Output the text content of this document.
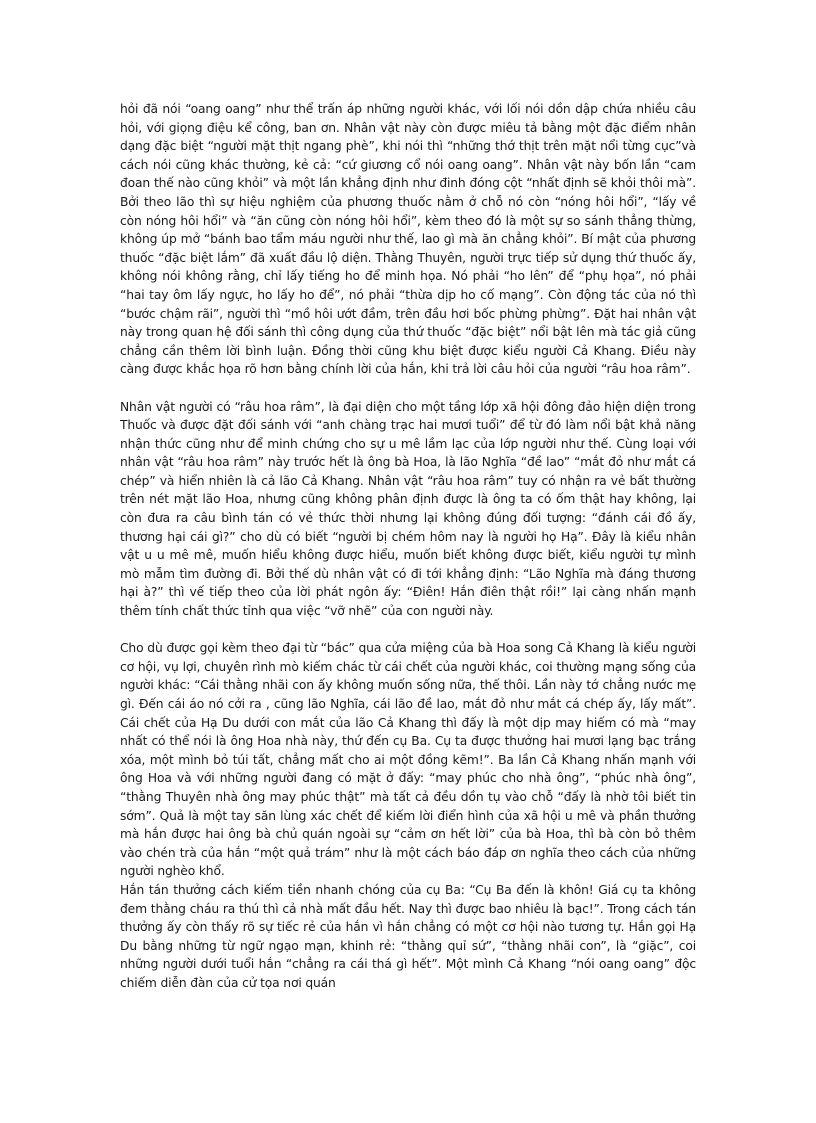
hỏi đã nói “oang oang” như thể trấn áp những người khác, với lối nói dồn dập chứa nhiều câu hỏi, với giọng điệu kể công, ban ơn. Nhân vật này còn được miêu tả bằng một đặc điểm nhân dạng đặc biệt “người mặt thịt ngang phè”, khi nói thì “những thớ thịt trên mặt nổi từng cục”và cách nói cũng khác thường, kẻ cả: “cứ giương cổ nói oang oang”. Nhân vật này bốn lần “cam đoan thế nào cũng khỏi” và một lần khẳng định như đinh đóng cột “nhất định sẽ khỏi thôi mà”. Bởi theo lão thì sự hiệu nghiệm của phương thuốc nằm ở chỗ nó còn “nóng hôi hổi”, “lấy về còn nóng hôi hổi” và “ăn cũng còn nóng hôi hổi”, kèm theo đó là một sự so sánh thẳng thừng, không úp mở “bánh bao tẩm máu người như thế, lao gì mà ăn chẳng khỏi”. Bí mật của phương thuốc “đặc biệt lắm” đã xuất đầu lộ diện. Thằng Thuyên, người trực tiếp sử dụng thứ thuốc ấy, không nói không rằng, chỉ lấy tiếng ho để minh họa. Nó phải “ho lên” để “phụ họa”, nó phải “hai tay ôm lấy ngực, ho lấy ho để”, nó phải “thừa dịp ho cố mạng”. Còn động tác của nó thì “bước chậm rãi”, người thì “mồ hôi ướt đầm, trên đầu hơi bốc phừng phừng”. Đặt hai nhân vật này trong quan hệ đối sánh thì công dụng của thứ thuốc “đặc biệt” nổi bật lên mà tác giả cũng chẳng cần thêm lời bình luận. Đồng thời cũng khu biệt được kiểu người Cả Khang. Điều này càng được khắc họa rõ hơn bằng chính lời của hắn, khi trả lời câu hỏi của người “râu hoa râm”.

Nhân vật người có “râu hoa râm”, là đại diện cho một tầng lớp xã hội đông đảo hiện diện trong Thuốc và được đặt đối sánh với “anh chàng trạc hai mươi tuổi” để từ đó làm nổi bật khả năng nhận thức cũng như để minh chứng cho sự u mê lầm lạc của lớp người như thế. Cùng loại với nhân vật “râu hoa râm” này trước hết là ông bà Hoa, là lão Nghĩa “đề lao” “mắt đỏ như mắt cá chép” và hiển nhiên là cả lão Cả Khang. Nhân vật “râu hoa râm” tuy có nhận ra vẻ bất thường trên nét mặt lão Hoa, nhưng cũng không phân định được là ông ta có ốm thật hay không, lại còn đưa ra câu bình tán có vẻ thức thời nhưng lại không đúng đối tượng: “đánh cái đồ ấy, thương hại cái gì?” cho dù có biết “người bị chém hôm nay là người họ Hạ”. Đây là kiểu nhân vật u u mê mê, muốn hiểu không được hiểu, muốn biết không được biết, kiểu người tự mình mò mẫm tìm đường đi. Bởi thế dù nhân vật có đi tới khẳng định: “Lão Nghĩa mà đáng thương hại à?” thì vế tiếp theo của lời phát ngôn ấy: “Điên! Hắn điên thật rồi!” lại càng nhấn mạnh thêm tính chất thức tỉnh qua việc “vỡ nhẽ” của con người này.

Cho dù được gọi kèm theo đại từ “bác” qua cửa miệng của bà Hoa song Cả Khang là kiểu người cơ hội, vụ lợi, chuyên rình mò kiếm chác từ cái chết của người khác, coi thường mạng sống của người khác: “Cái thằng nhãi con ấy không muốn sống nữa, thế thôi. Lần này tớ chẳng nước mẹ gì. Đến cái áo nó cởi ra , cũng lão Nghĩa, cái lão đề lao, mắt đỏ như mắt cá chép ấy, lấy mất”. Cái chết của Hạ Du dưới con mắt của lão Cả Khang thì đấy là một dịp may hiếm có mà “may nhất có thể nói là ông Hoa nhà này, thứ đến cụ Ba. Cụ ta được thưởng hai mươi lạng bạc trắng xóa, một mình bỏ túi tất, chẳng mất cho ai một đồng kẽm!”. Ba lần Cả Khang nhấn mạnh với ông Hoa và với những người đang có mặt ở đấy: “may phúc cho nhà ông”, “phúc nhà ông”, “thằng Thuyên nhà ông may phúc thật” mà tất cả đều dồn tụ vào chỗ “đấy là nhờ tôi biết tin sớm”. Quả là một tay săn lùng xác chết để kiếm lời điển hình của xã hội u mê và phần thưởng mà hắn được hai ông bà chủ quán ngoài sự “cảm ơn hết lời” của bà Hoa, thì bà còn bỏ thêm vào chén trà của hắn “một quả trám” như là một cách báo đáp ơn nghĩa theo cách của những người nghèo khổ.

Hắn tán thưởng cách kiếm tiền nhanh chóng của cụ Ba: “Cụ Ba đến là khôn! Giá cụ ta không đem thằng cháu ra thú thì cả nhà mất đầu hết. Nay thì được bao nhiêu là bạc!”. Trong cách tán thưởng ấy còn thấy rõ sự tiếc rẻ của hắn vì hắn chẳng có một cơ hội nào tương tự. Hắn gọi Hạ Du bằng những từ ngữ ngạo mạn, khinh rẻ: “thằng quỉ sứ”, “thằng nhãi con”, là “giặc”, coi những người dưới tuổi hắn “chẳng ra cái thá gì hết”. Một mình Cả Khang “nói oang oang” độc chiếm diễn đàn của cử tọa nơi quán
